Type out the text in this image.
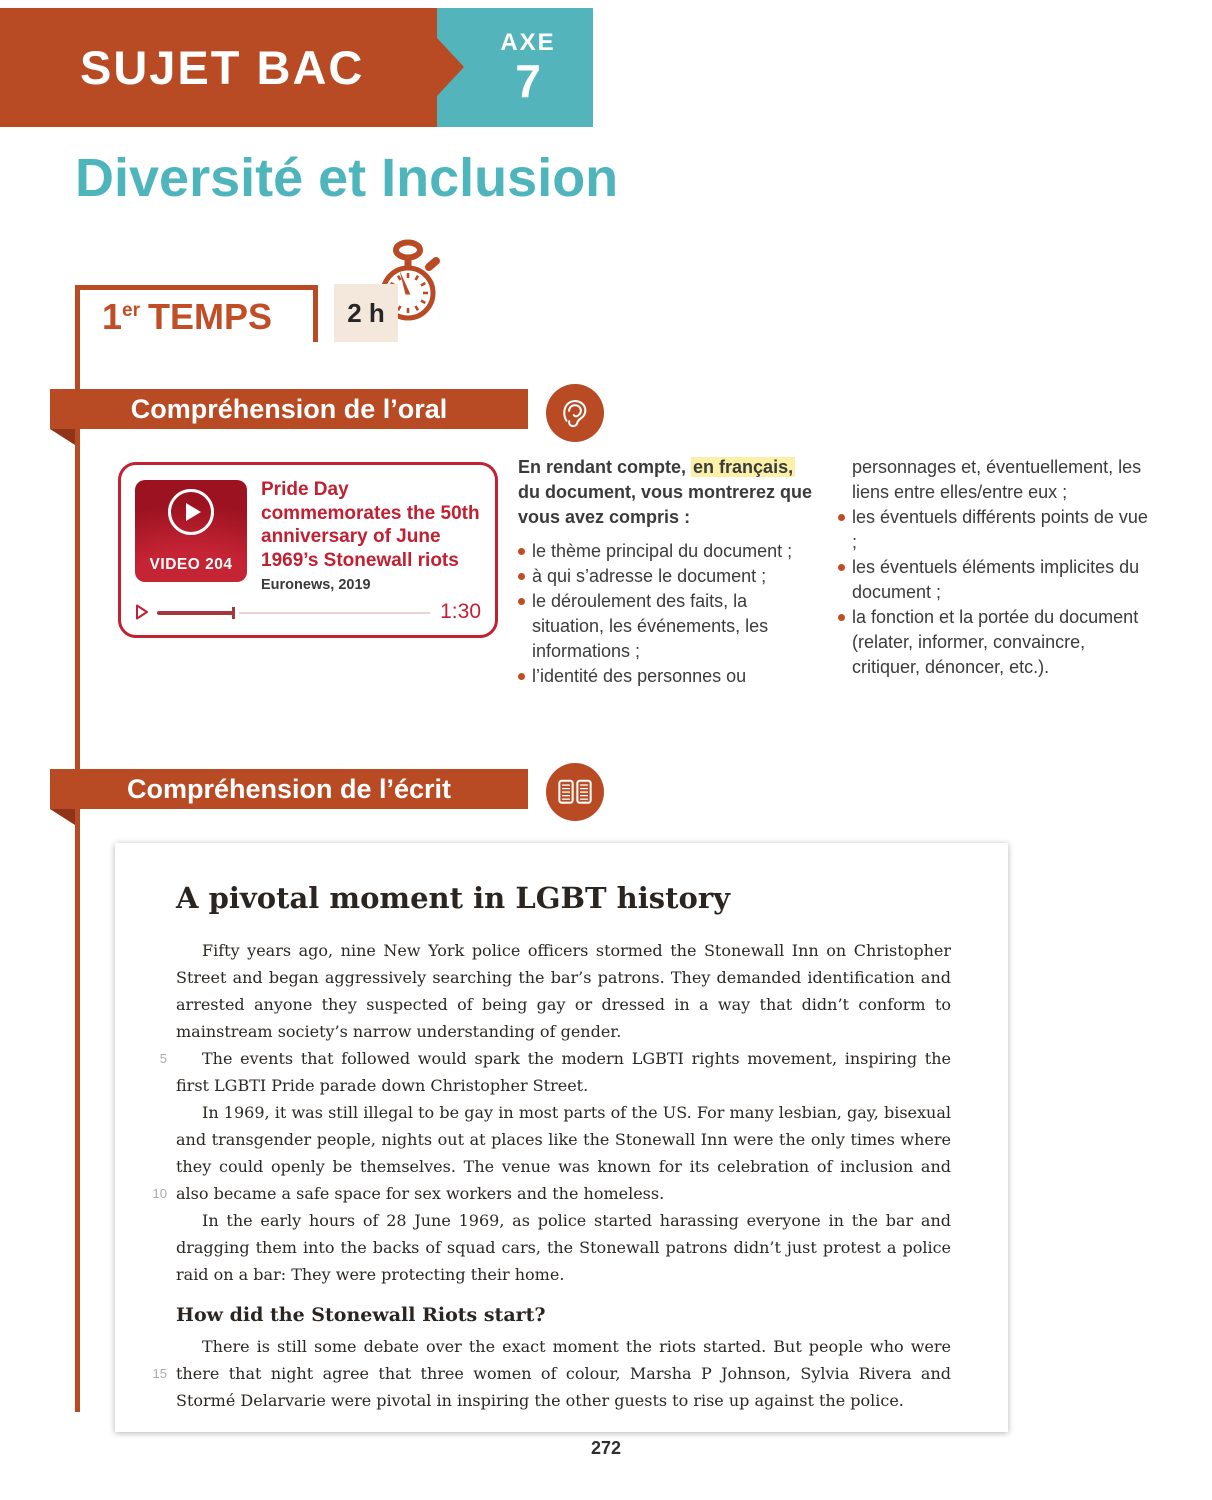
SUJET BAC	AXE
7
Diversité et Inclusion
1er TEMPS	2 h
Compréhension de l’oral
VIDEO 204
Pride Day commemorates the 50th anniversary of June 1969’s Stonewall riots
Euronews, 2019
1:30
En rendant compte, en français, du document, vous montrerez que vous avez compris :
le thème principal du document ;
à qui s’adresse le document ;
le déroulement des faits, la situation, les événements, les informations ;
l’identité des personnes ou
personnages et, éventuellement, les liens entre elles/entre eux ;
les éventuels différents points de vue ;
les éventuels éléments implicites du document ;
la fonction et la portée du document (relater, informer, convaincre, critiquer, dénoncer, etc.).
Compréhension de l’écrit
5
10
15
A pivotal moment in LGBT history

Fifty years ago, nine New York police officers stormed the Stonewall Inn on Christopher Street and began aggressively searching the bar’s patrons. They demanded identification and arrested anyone they suspected of being gay or dressed in a way that didn’t conform to mainstream society’s narrow understanding of gender.

The events that followed would spark the modern LGBTI rights movement, inspiring the first LGBTI Pride parade down Christopher Street.

In 1969, it was still illegal to be gay in most parts of the US. For many lesbian, gay, bisexual and transgender people, nights out at places like the Stonewall Inn were the only times where they could openly be themselves. The venue was known for its celebration of inclusion and also became a safe space for sex workers and the homeless.

In the early hours of 28 June 1969, as police started harassing everyone in the bar and dragging them into the backs of squad cars, the Stonewall patrons didn’t just protest a police raid on a bar: They were protecting their home.

How did the Stonewall Riots start?

There is still some debate over the exact moment the riots started. But people who were there that night agree that three women of colour, Marsha P Johnson, Sylvia Rivera and Stormé Delarvarie were pivotal in inspiring the other guests to rise up against the police.

272
